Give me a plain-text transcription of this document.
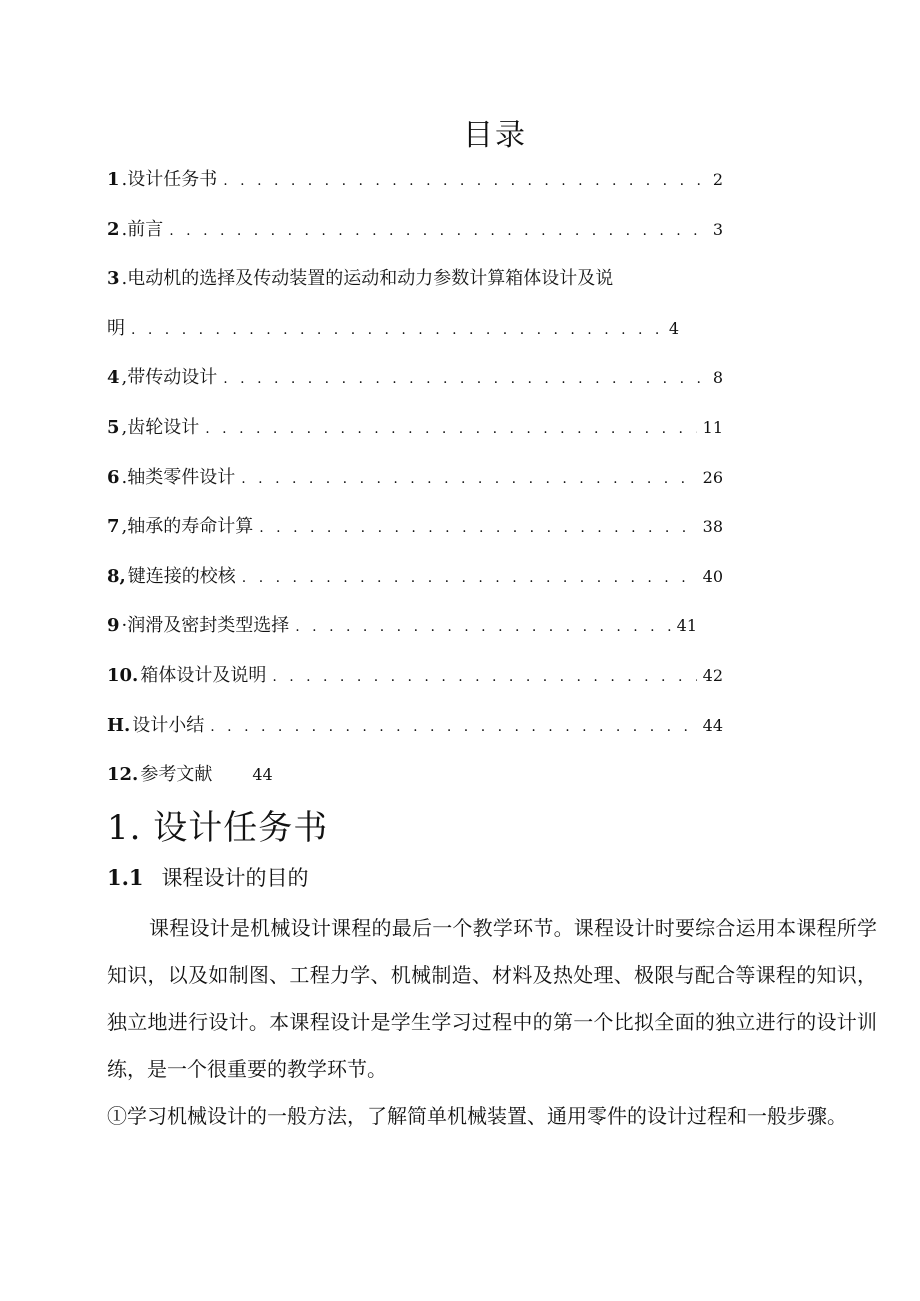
目录
1 . 设计任务书 . . .	2
2 . 前言 . . .	3
3 . 电动机的选择及传动装置的运动和动力参数计算箱体设计及说
明 . . .	4
4 , 带传动设计 . . .	8
5 , 齿轮设计 . . .	11
6 . 轴类零件设计 . . .	26
7 , 轴承的寿命计算 . . .	38
8, 键连接的校核 . . .	40
9 · 润滑及密封类型选择 . . .	41
10. 箱体设计及说明 . . .	42
H. 设计小结 . . .	44
12. 参考文献	44
1. 设计任务书
1.1 课程设计的目的

课程设计是机械设计课程的最后一个教学环节。课程设计时要综合运用本课程所学知识，以及如制图、工程力学、机械制造、材料及热处理、极限与配合等课程的知识，独立地进行设计。本课程设计是学生学习过程中的第一个比拟全面的独立进行的设计训练，是一个很重要的教学环节。

①学习机械设计的一般方法，了解简单机械装置、通用零件的设计过程和一般步骤。
